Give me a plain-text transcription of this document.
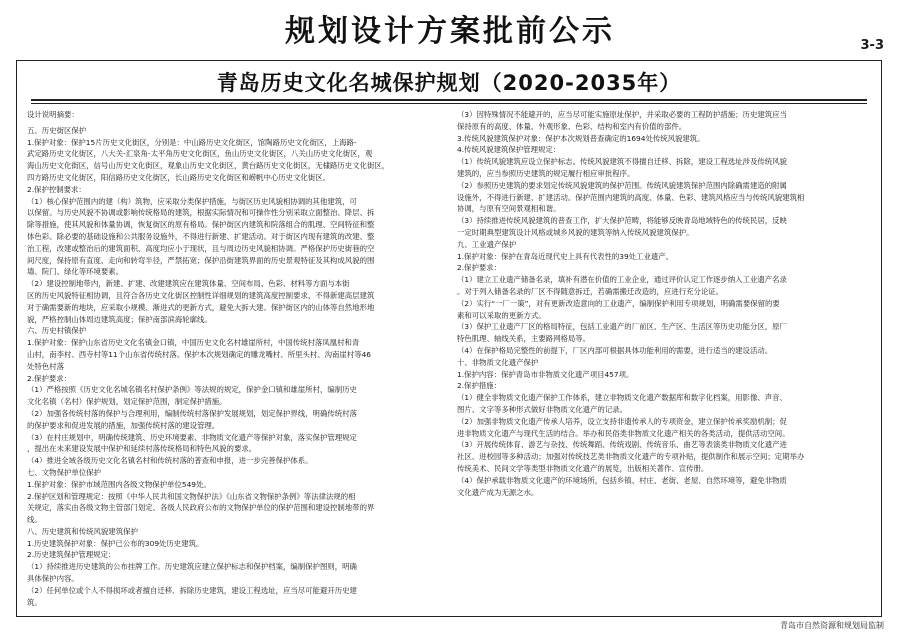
规划设计方案批前公示	3-3
青岛历史文化名城保护规划（2020-2035年）
设计说明摘要：
五、历史街区保护
1.保护对象：保护15片历史文化街区，分别是：中山路历史文化街区，馆陶路历史文化街区，上海路-
武定路历史文化街区，八大关-汇泉角-太平角历史文化街区，鱼山历史文化街区，八关山历史文化街区，观
海山历史文化街区，信号山历史文化街区，观象山历史文化街区，黄台路历史文化街区，无棣路历史文化街区，
四方路历史文化街区，阳信路历史文化街区，长山路历史文化街区和崂帆中心历史文化街区。
2.保护控制要求：
（1）核心保护范围内的建（构）筑物，应采取分类保护措施，与街区历史风貌相协调的其他建筑，可
以保留。与历史风貌不协调或影响传统格局的建筑，根据实际情况和可操作性分别采取立面整治、降层、拆
除等措施，使其风貌和体量协调，恢复街区的原有格局。保护街区内建筑和院落组合的肌理、空间特征和整
体色彩。除必要的基础设施和公共服务设施外，不得进行新建、扩建活动。对于街区内现有建筑的改建、整
治工程，改建或整治后的建筑面积、高度均应小于现状，且与周边历史风貌相协调。严格保护历史街巷的空
间尺度，保持原有直度、走向和转弯半径，严禁拓宽；保护沿街建筑界面的历史景观特征及其构成风貌的围
墙、院门、绿化等环境要素。
（2）建设控制地带内，新建、扩建、改建建筑应在建筑体量、空间布局、色彩、材料等方面与本街
区的历史风貌特征相协调，且符合各历史文化街区控制性详细规划的建筑高度控制要求，不得新建高层建筑
对于确需要新的地块，应采取小规模、渐进式的更新方式，避免大拆大建。保护街区内的山体等自然地形地
貌，严格控制山体周边建筑高度；保护南部滨海轮廓线。
六、历史村镇保护
1.保护对象：保护山东省历史文化名镇金口镇，中国历史文化名村雄崖所村，中国传统村落凤凰村和青
山村，南李村、西寺村等11个山东省传统村落。保护本次规划确定的雕龙嘴村、所里头村、沟南崖村等46
处特色村落
2.保护要求：
（1）严格按照《历史文化名城名镇名村保护条例》等法规的规定，保护金口镇和雄崖所村，编制历史
文化名镇（名村）保护规划，划定保护范围，制定保护措施。
（2）加强各传统村落的保护与合理利用，编制传统村落保护发展规划，划定保护界线，明确传统村落
的保护要求和促进发展的措施，加强传统村落的建设管理。
（3）在村庄规划中，明确传统建筑、历史环境要素、非物质文化遗产等保护对象，落实保护管理规定
，提出在未来建设发展中保护和延续村落传统格局和特色风貌的要求。
（4）推进全域各级历史文化名镇名村和传统村落的普查和申报，进一步完善保护体系。
七、文物保护单位保护
1.保护对象：保护市域范围内各级文物保护单位549处。
2.保护区划和管理规定：按照《中华人民共和国文物保护法》《山东省文物保护条例》等法律法规的相
关规定，落实由各级文物主管部门划定、各级人民政府公布的文物保护单位的保护范围和建设控制地带的界
线。
八、历史建筑和传统风貌建筑保护
1.历史建筑保护对象：保护已公布的309处历史建筑。
2.历史建筑保护管理规定：
（1）持续推进历史建筑的公布挂牌工作。历史建筑应建立保护标志和保护档案，编制保护图则，明确
具体保护内容。
（2）任何单位或个人不得损坏或者擅自迁移、拆除历史建筑，建设工程选址，应当尽可能避开历史建
筑。
（3）因特殊情况不能避开的，应当尽可能实施原址保护，并采取必要的工程防护措施；历史建筑应当
保持原有的高度、体量、外观形象、色彩、结构和室内有价值的部件。
3.传统风貌建筑保护对象：保护本次规划普查确定的1694处传统风貌建筑。
4.传统风貌建筑保护管理规定：
（1）传统风貌建筑应设立保护标志。传统风貌建筑不得擅自迁移、拆除，建设工程选址涉及传统风貌
建筑的，应当参照历史建筑的规定履行相应审批程序。
（2）参照历史建筑的要求划定传统风貌建筑的保护范围。传统风貌建筑保护范围内除确需建造的附属
设施外，不得进行新建、扩建活动。保护范围内建筑的高度、体量、色彩、建筑风格应当与传统风貌建筑相
协调，与原有空间景观相和谐。
（3）持续推进传统风貌建筑的普查工作，扩大保护范畴，将能够反映青岛地域特色的传统民居，反映
一定时期典型建筑设计风格或城乡风貌的建筑等纳入传统风貌建筑保护。
九、工业遗产保护
1.保护对象：保护在青岛近现代史上具有代表性的39处工业遗产。
2.保护要求：
（1）建立工业遗产储备名录，填补有潜在价值的工业企业，通过评价认定工作逐步纳入工业遗产名录
。对于列入储备名录的厂区不得随意拆迁，若确需搬迁改造的，应进行充分论证。
（2）实行“一厂一策”，对有更新改造意向的工业遗产，编制保护利用专项规划，明确需要保留的要
素和可以采取的更新方式。
（3）保护工业遗产厂区的格局特征，包括工业遗产的厂前区、生产区、生活区等历史功能分区，原厂
特色肌理、轴线关系，主要路网格局等。
（4）在保护格局完整性的前提下，厂区内部可根据具体功能利用的需要，进行适当的建设活动。
十、非物质文化遗产保护
1.保护内容：保护青岛市非物质文化遗产项目457项。
2.保护措施：
（1）健全非物质文化遗产保护工作体系，建立非物质文化遗产数据库和数字化档案，用影像、声音、
图片、文字等多种形式做好非物质文化遗产的记录。
（2）加强非物质文化遗产传承人培养，设立支持非遗传承人的专项资金，建立保护传承奖励机制；促
进非物质文化遗产与现代生活的结合。举办和民俗类非物质文化遗产相关的各类活动，提供活动空间。
（3）开展传统体育、游艺与杂技、传统舞蹈、传统戏剧、传统音乐、曲艺等表演类非物质文化遗产进
社区、进校园等多种活动；加强对传统技艺类非物质文化遗产的专项补贴，提供制作和展示空间；定期举办
传统美术、民间文学等类型非物质文化遗产的展览，出版相关著作、宣传册。
（4）保护承载非物质文化遗产的环境场所，包括乡镇、村庄、老街、老屋、自然环境等，避免非物质
文化遗产成为无源之水。
青岛市自然资源和规划局监制
